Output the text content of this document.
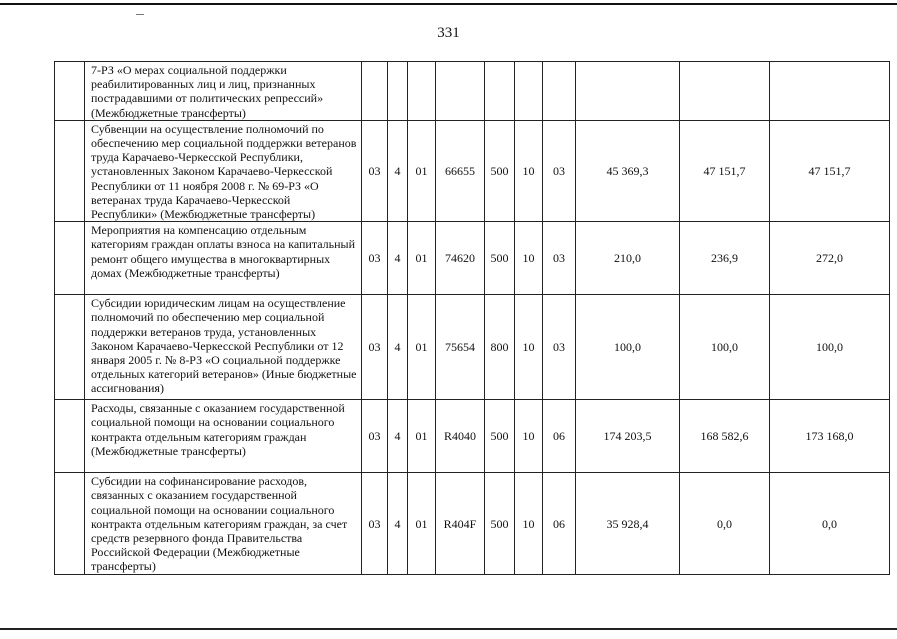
331
	7-РЗ «О мерах социальной поддержки реабилитированных лиц и лиц, признанных пострадавшими от политических репрессий» (Межбюджетные трансферты)										
	Субвенции на осуществление полномочий по обеспечению мер социальной поддержки ветеранов труда Карачаево-Черкесской Республики, установленных Законом Карачаево-Черкесской Республики от 11 ноября 2008 г. № 69-РЗ «О ветеранах труда Карачаево-Черкесской Республики» (Межбюджетные трансферты)	03	4	01	66655	500	10	03	45 369,3	47 151,7	47 151,7
	Мероприятия на компенсацию отдельным категориям граждан оплаты взноса на капитальный ремонт общего имущества в многоквартирных домах (Межбюджетные трансферты)	03	4	01	74620	500	10	03	210,0	236,9	272,0
	Субсидии юридическим лицам на осуществление полномочий по обеспечению мер социальной поддержки ветеранов труда, установленных Законом Карачаево-Черкесской Республики от 12 января 2005 г. № 8-РЗ «О социальной поддержке отдельных категорий ветеранов» (Иные бюджетные ассигнования)	03	4	01	75654	800	10	03	100,0	100,0	100,0
	Расходы, связанные с оказанием государственной социальной помощи на основании социального контракта отдельным категориям граждан (Межбюджетные трансферты)	03	4	01	R4040	500	10	06	174 203,5	168 582,6	173 168,0
	Субсидии на софинансирование расходов, связанных с оказанием государственной социальной помощи на основании социального контракта отдельным категориям граждан, за счет средств резервного фонда Правительства Российской Федерации (Межбюджетные трансферты)	03	4	01	R404F	500	10	06	35 928,4	0,0	0,0
